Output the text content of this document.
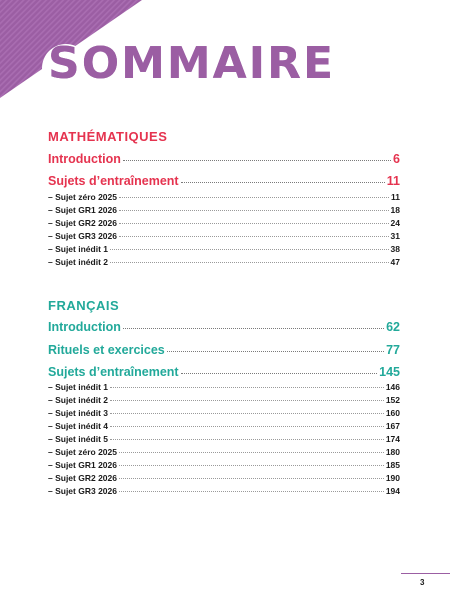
SOMMAIRE
MATHÉMATIQUES
Introduction	6
Sujets d’entraînement	11
– Sujet zéro 2025	11
– Sujet GR1 2026	18
– Sujet GR2 2026	24
– Sujet GR3 2026	31
– Sujet inédit 1	38
– Sujet inédit 2	47
FRANÇAIS
Introduction	62
Rituels et exercices	77
Sujets d’entraînement	145
– Sujet inédit 1	146
– Sujet inédit 2	152
– Sujet inédit 3	160
– Sujet inédit 4	167
– Sujet inédit 5	174
– Sujet zéro 2025	180
– Sujet GR1 2026	185
– Sujet GR2 2026	190
– Sujet GR3 2026	194
3
